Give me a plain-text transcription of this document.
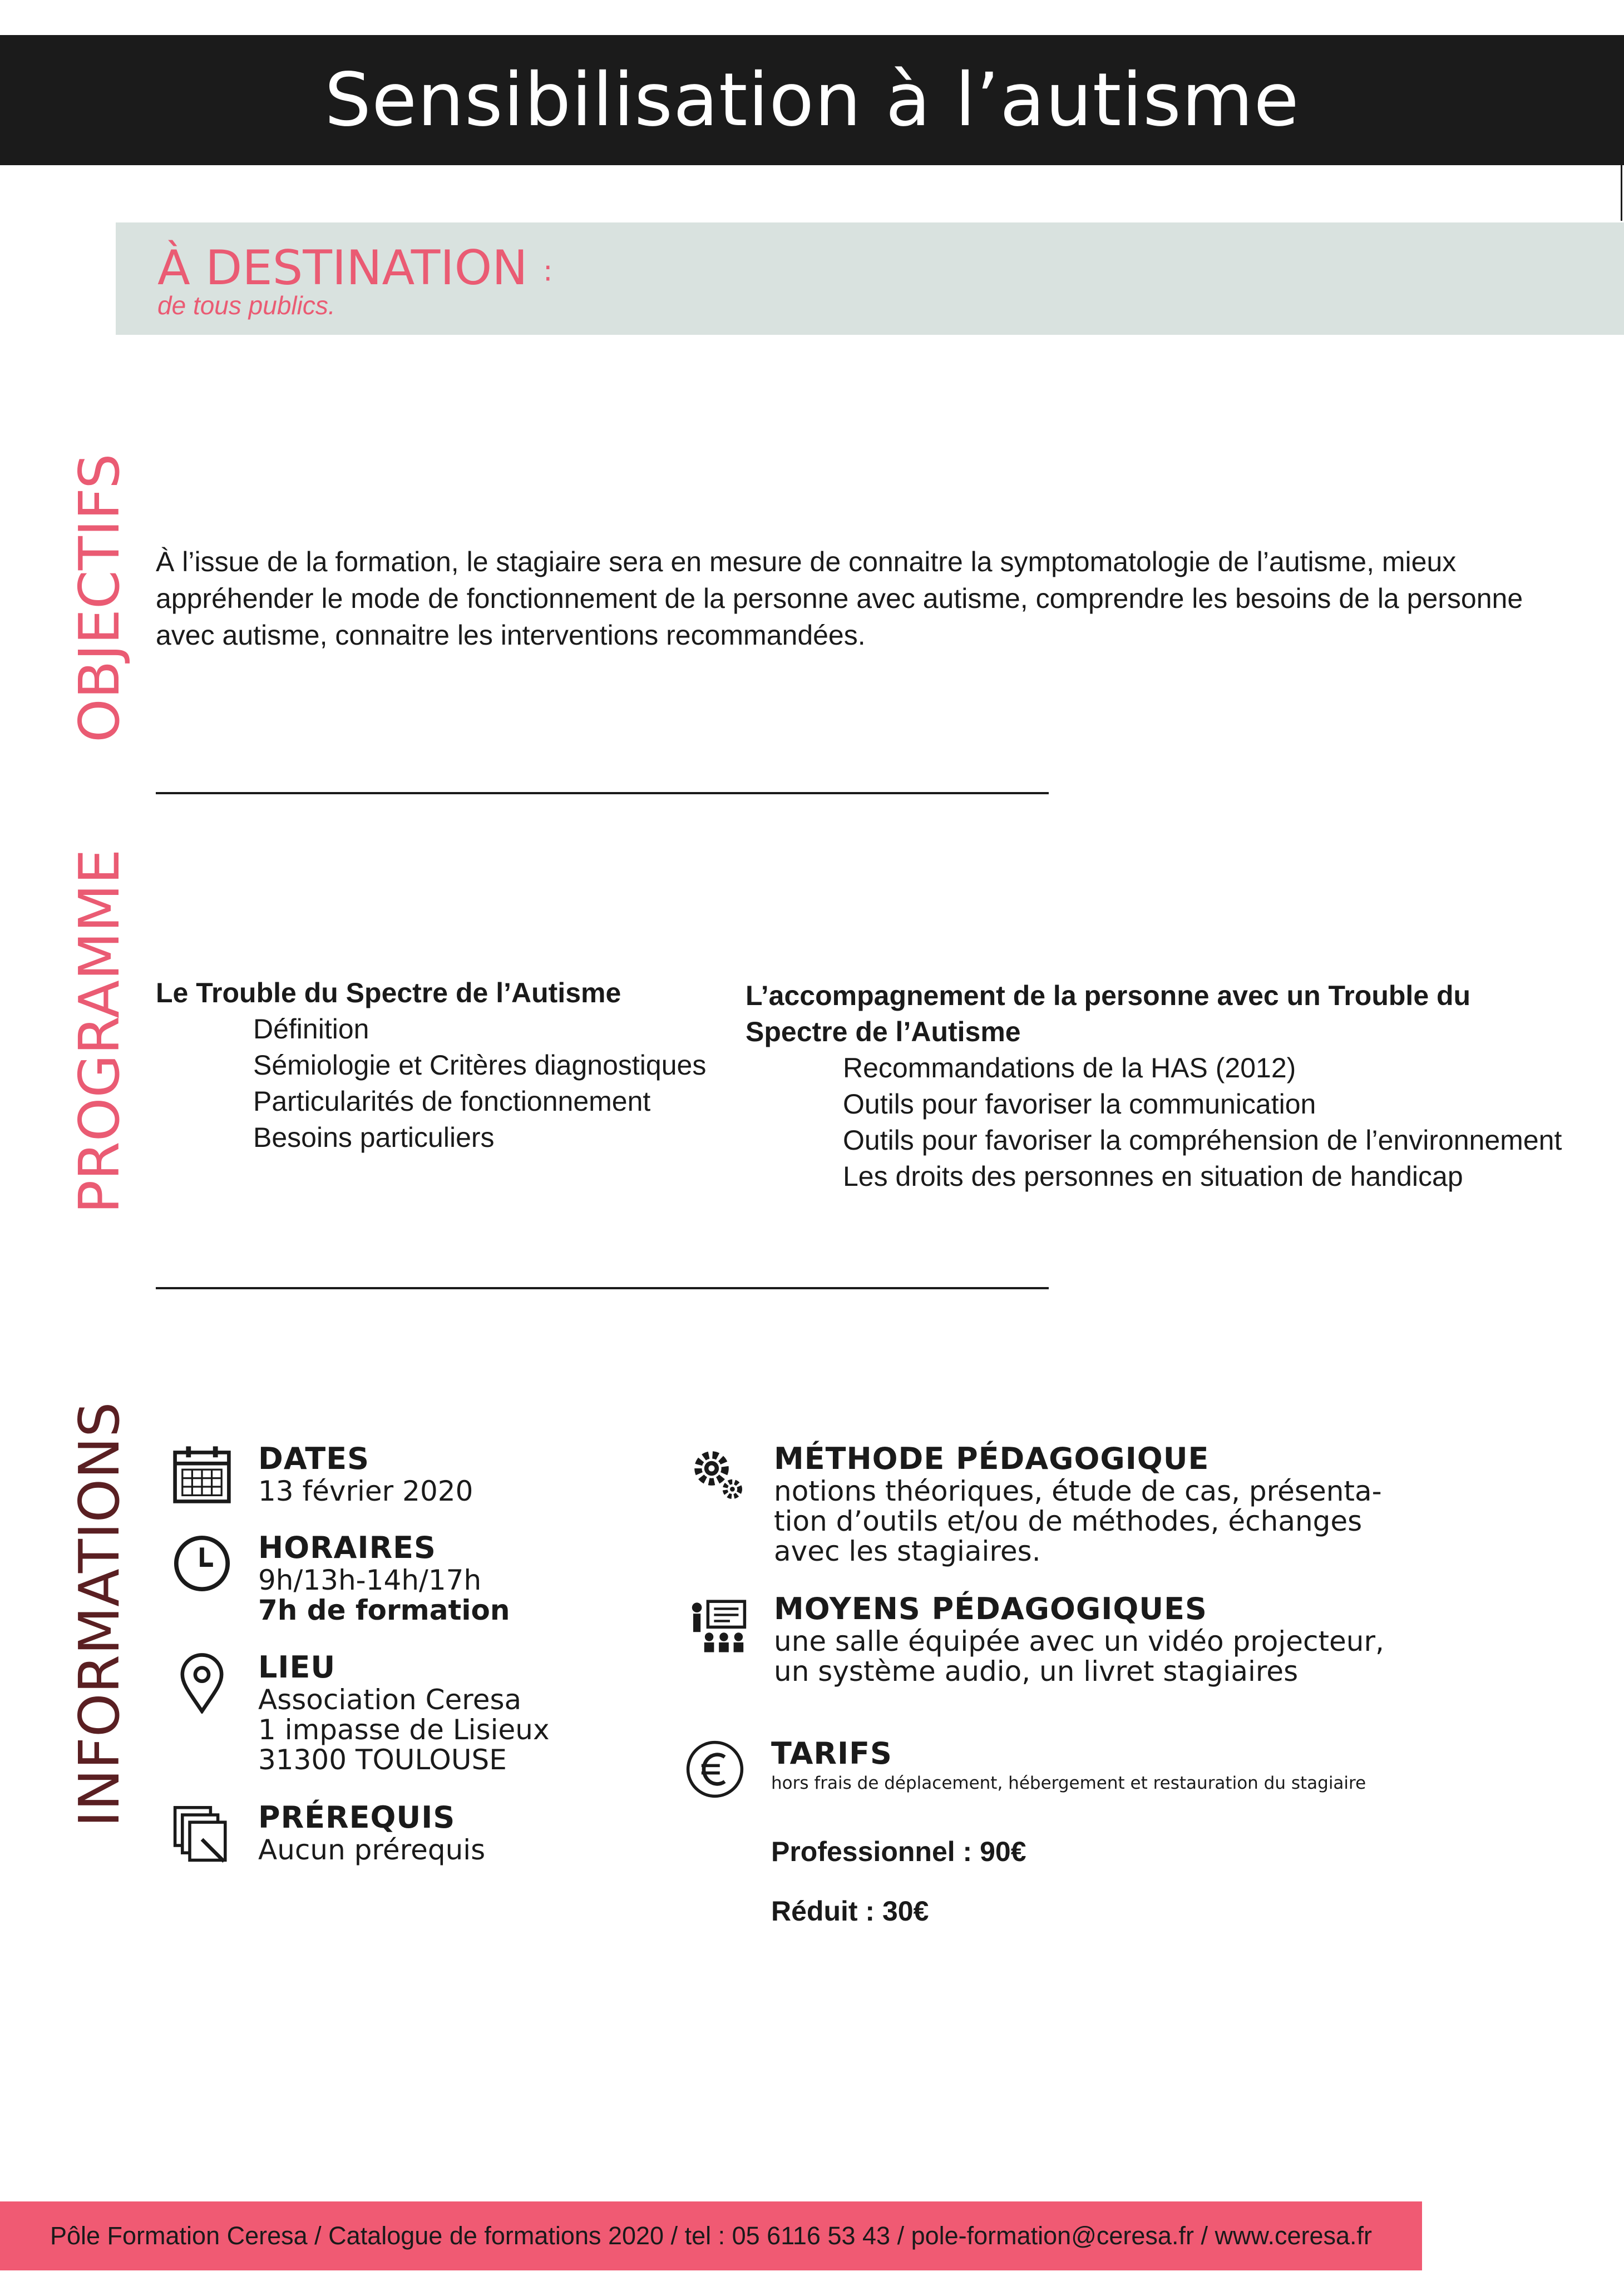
Sensibilisation à l’autisme
À DESTINATION :
de tous publics.
OBJECTIFS À l’issue de la formation, le stagiaire sera en mesure de connaitre la symptomatologie de l’autisme, mieux appréhender le mode de fonctionnement de la personne avec autisme, comprendre les besoins de la personne avec autisme, connaitre les interventions recommandées.

PROGRAMME Le Trouble du Spectre de l’Autisme
Définition
Sémiologie et Critères diagnostiques
Particularités de fonctionnement
Besoins particuliers
L’accompagnement de la personne avec un Trouble du Spectre de l’Autisme
Recommandations de la HAS (2012)
Outils pour favoriser la communication
Outils pour favoriser la compréhension de l’environnement
Les droits des personnes en situation de handicap
INFORMATIONS	DATES
13 février 2020
HORAIRES
9h/13h-14h/17h
7h de formation
LIEU
Association Ceresa
1 impasse de Lisieux
31300 TOULOUSE
PRÉREQUIS
Aucun prérequis
MÉTHODE PÉDAGOGIQUE
notions théoriques, étude de cas, présenta-
tion d’outils et/ou de méthodes, échanges
avec les stagiaires.
MOYENS PÉDAGOGIQUES
une salle équipée avec un vidéo projecteur,
un système audio, un livret stagiaires
TARIFS
hors frais de déplacement, hébergement et restauration du stagiaire
Professionnel : 90€
Réduit : 30€
Pôle Formation Ceresa / Catalogue de formations 2020 / tel : 05 6116 53 43 / pole-formation@ceresa.fr / www.ceresa.fr
